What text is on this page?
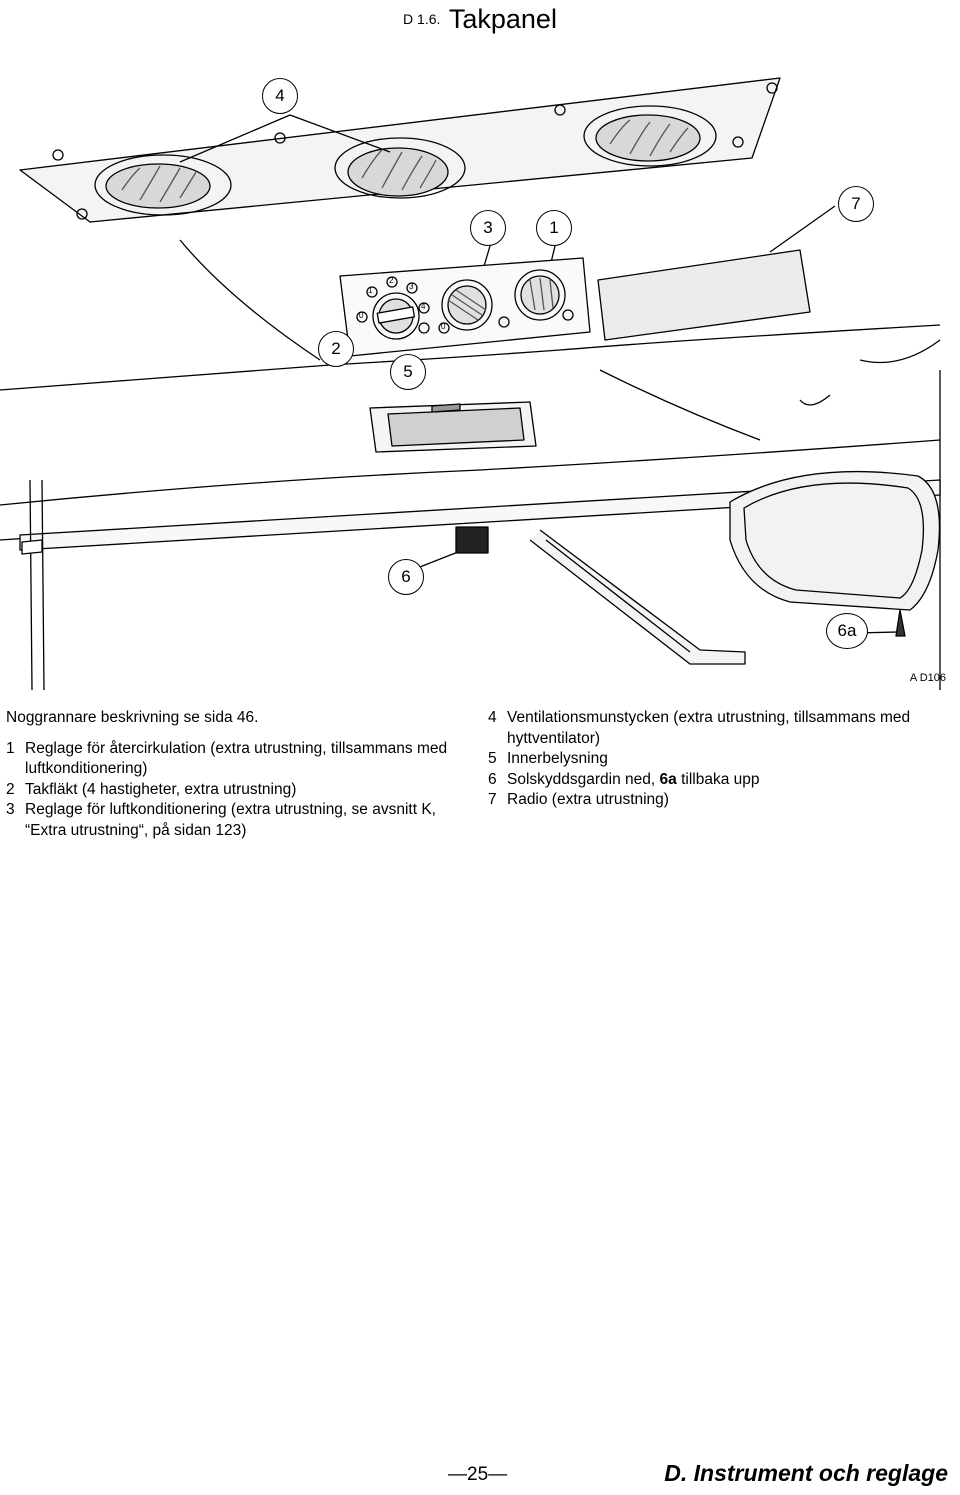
D 1.6. Takpanel
4
7
3	1
2
5
6
6a
1
2
3
4
0
0
A D106

Noggrannare beskrivning se sida 46.

1 Reglage för återcirkulation (extra utrustning, tillsammans med luftkonditionering)
2 Takfläkt (4 hastigheter, extra utrustning)
3 Reglage för luftkonditionering (extra utrustning, se avsnitt K, “Extra utrustning“, på sidan 123)
4 Ventilationsmunstycken (extra utrustning, tillsammans med hyttventilator)
5 Innerbelysning
6 Solskyddsgardin ned, 6a tillbaka upp
7 Radio (extra utrustning)
—25—	D. Instrument och reglage
